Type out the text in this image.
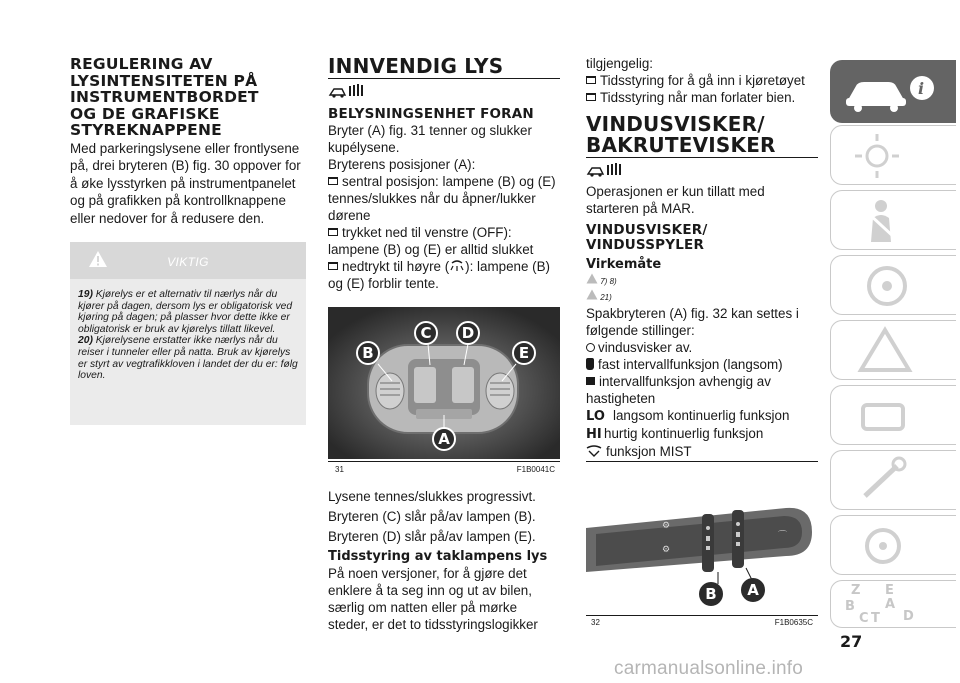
REGULERING AV LYSINTENSITETEN PÅ INSTRUMENTBORDET OG DE GRAFISKE STYREKNAPPENE
Med parkeringslysene eller frontlysene på, drei bryteren (B) fig. 30 oppover for å øke lysstyrken på instrumentpanelet og på grafikken på kontrollknappene eller nedover for å redusere den.
VIKTIG
19) Kjørelys er et alternativ til nærlys når du kjører på dagen, dersom lys er obligatorisk ved kjøring på dagen; på plasser hvor dette ikke er obligatorisk er bruk av kjørelys tillatt likevel.
20) Kjørelysene erstatter ikke nærlys når du reiser i tunneler eller på natta. Bruk av kjørelys er styrt av vegtrafikkloven i landet der du er: følg loven.
INNVENDIG LYS
BELYSNINGSENHET FORAN
Bryter (A) fig. 31 tenner og slukker kupélysene.
Bryterens posisjoner (A):
sentral posisjon: lampene (B) og (E) tennes/slukkes når du åpner/lukker dørene
trykket ned til venstre (OFF): lampene (B) og (E) er alltid slukket
nedtrykt til høyre ( ): lampene (B) og (E) forblir tente.
B
C	D
E
A
31	F1B0041C
Lysene tennes/slukkes progressivt.
Bryteren (C) slår på/av lampen (B).
Bryteren (D) slår på/av lampen (E).
Tidsstyring av taklampens lys
På noen versjoner, for å gjøre det enklere å ta seg inn og ut av bilen, særlig om natten eller på mørke steder, er det to tidsstyringslogikker
tilgjengelig:
Tidsstyring for å gå inn i kjøretøyet
Tidsstyring når man forlater bien.
VINDUSVISKER/ BAKRUTEVISKER
Operasjonen er kun tillatt med starteren på MAR.
VINDUSVISKER/ VINDUSSPYLER
Virkemåte
7) 8)
21)
Spakbryteren (A) fig. 32 kan settes i følgende stillinger:
vindusvisker av.
fast intervallfunksjon (langsom)
intervallfunksjon avhengig av hastigheten
LO langsom kontinuerlig funksjon
HI hurtig kontinuerlig funksjon
funksjon MIST
⚙
⚙
⌒
B	A
32	F1B0635C
i
Z E
B A
C T D
27
carmanualsonline.info
